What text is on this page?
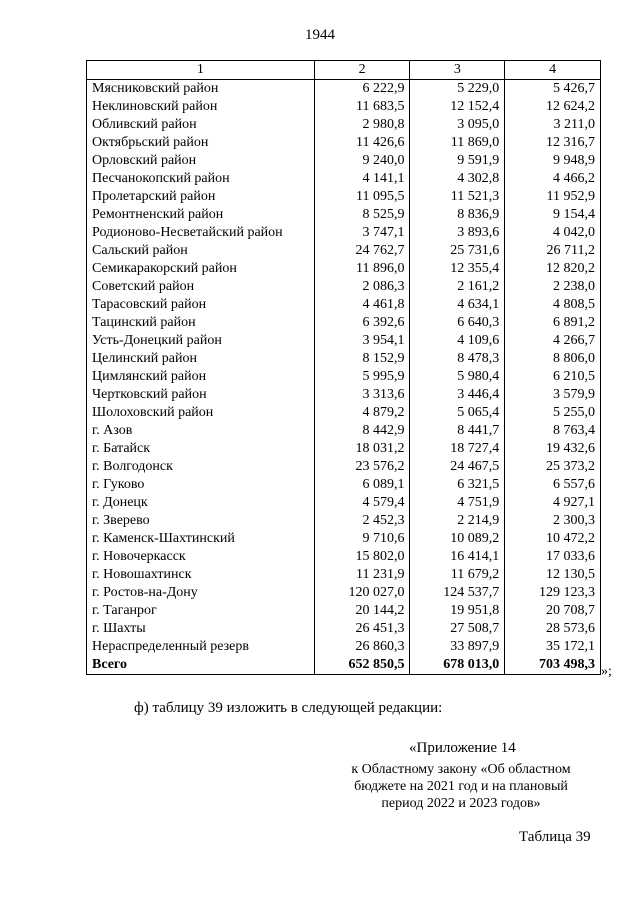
1944
1	2	3	4
Мясниковский район	6 222,9	5 229,0	5 426,7
Неклиновский район	11 683,5	12 152,4	12 624,2
Обливский район	2 980,8	3 095,0	3 211,0
Октябрьский район	11 426,6	11 869,0	12 316,7
Орловский район	9 240,0	9 591,9	9 948,9
Песчанокопский район	4 141,1	4 302,8	4 466,2
Пролетарский район	11 095,5	11 521,3	11 952,9
Ремонтненский район	8 525,9	8 836,9	9 154,4
Родионово-Несветайский район	3 747,1	3 893,6	4 042,0
Сальский район	24 762,7	25 731,6	26 711,2
Семикаракорский район	11 896,0	12 355,4	12 820,2
Советский район	2 086,3	2 161,2	2 238,0
Тарасовский район	4 461,8	4 634,1	4 808,5
Тацинский район	6 392,6	6 640,3	6 891,2
Усть-Донецкий район	3 954,1	4 109,6	4 266,7
Целинский район	8 152,9	8 478,3	8 806,0
Цимлянский район	5 995,9	5 980,4	6 210,5
Чертковский район	3 313,6	3 446,4	3 579,9
Шолоховский район	4 879,2	5 065,4	5 255,0
г. Азов	8 442,9	8 441,7	8 763,4
г. Батайск	18 031,2	18 727,4	19 432,6
г. Волгодонск	23 576,2	24 467,5	25 373,2
г. Гуково	6 089,1	6 321,5	6 557,6
г. Донецк	4 579,4	4 751,9	4 927,1
г. Зверево	2 452,3	2 214,9	2 300,3
г. Каменск-Шахтинский	9 710,6	10 089,2	10 472,2
г. Новочеркасск	15 802,0	16 414,1	17 033,6
г. Новошахтинск	11 231,9	11 679,2	12 130,5
г. Ростов-на-Дону	120 027,0	124 537,7	129 123,3
г. Таганрог	20 144,2	19 951,8	20 708,7
г. Шахты	26 451,3	27 508,7	28 573,6
Нераспределенный резерв	26 860,3	33 897,9	35 172,1
Всего	652 850,5	678 013,0	703 498,3 »;
ф) таблицу 39 изложить в следующей редакции:
«Приложение 14
к Областному закону «Об областном
бюджете на 2021 год и на плановый
период 2022 и 2023 годов»
Таблица 39
